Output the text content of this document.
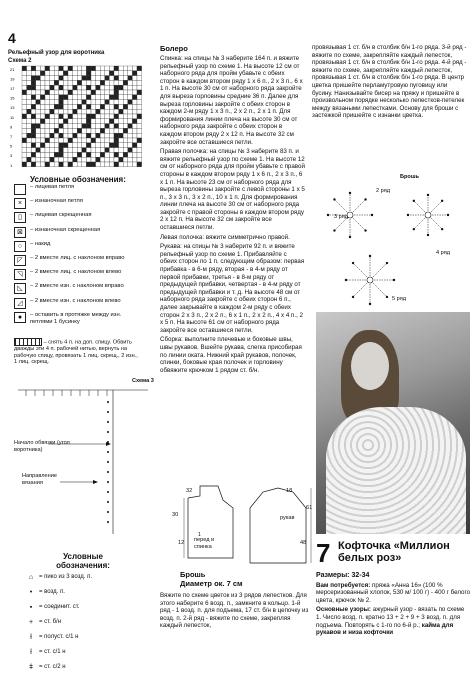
4
Рельефный узор для воротника
Схема 2
21
19
17
15
13
11
9
7
5
3
1
Условные обозначения:
– лицевая петля
×	– изнаночная петля
▯	– лицевая скрещенная
⊠	– изнаночная скрещенная
○	– накид
◸	– 2 вместе лиц. с наклоном вправо
◹	– 2 вместе лиц. с наклоном влево
◺	– 2 вместе изн. с наклоном вправо
◿	– 2 вместе изн. с наклоном влево
●	– оставить в протяжке между изн. петлями 1 бусинку
– снять 4 п. на доп. спицу. Обвить дважды эти 4 п. рабочей нитью, вернуть на рабочую спицу, провязать 1 лиц. скрещ., 2 изн., 1 лиц. скрещ.
Схема 3
Начало обвязки (угол воротника)
Направление вязания
Условные обозначения:
⌂ = пико из 3 возд. п.
•	= возд. п.
▪	= соединит. ст.
+ = ст. б/н
ł	= полуст. с/1 н
ƚ	= ст. с/1 н
ǂ = ст. с/2 н
Болеро

Спинка: на спицы № 3 наберите 164 п. и вяжите рельефный узор по схеме 1. На высоте 12 см от наборного ряда для пройм убавьте с обеих сторон в каждом втором ряду 1 х 6 п., 2 х 3 п., 6 х 1 п. На высоте 30 см от наборного ряда закройте для выреза горловины средние 36 п. Далее для выреза горловины закройте с обеих сторон в каждом 2-м ряду 1 х 3 п., 2 х 2 п., 2 х 1 п. Для формирования линии плеча на высоте 30 см от наборного ряда закройте с обеих сторон в каждом втором ряду 2 х 12 п. На высоте 32 см закройте все оставшиеся петли.

Правая полочка: на спицы № 3 наберите 83 п. и вяжите рельефный узор по схеме 1. На высоте 12 см от наборного ряда для пройм убавьте с правой стороны в каждом втором ряду 1 х 6 п., 2 х 3 п., 6 х 1 п. На высоте 23 см от наборного ряда для выреза горловины закройте с левой стороны 1 х 5 п., 3 х 3 п., 3 х 2 п., 10 х 1 п. Для формирования линии плеча на высоте 30 см от наборного ряда закройте с правой стороны в каждом втором ряду 2 х 12 п. На высоте 32 см закройте все оставшиеся петли.

Левая полочка: вяжите симметрично правой.

Рукава: на спицы № 3 наберите 92 п. и вяжите рельефный узор по схеме 1. Прибавляйте с обеих сторон по 1 п. следующим образом: первая прибавка - в 6-м ряду, вторая - в 4-м ряду от первой прибавки, третья - в 8-м ряду от предыдущей прибавки, четвертая - в 4-м ряду от предыдущей прибавки и т. д. На высоте 48 см от наборного ряда закройте с обеих сторон 6 п., далее закрывайте в каждом 2-м ряду с обеих сторон 2 х 3 п., 2 х 2 п., 6 х 1 п., 2 х 2 п., 4 х 4 п., 2 х 5 п. На высоте 61 см от наборного ряда закройте все оставшиеся петли.

Сборка: выполните плечевые и боковые швы, швы рукавов. Вшейте рукава, слегка присобирая по линии оката. Нижний край рукавов, полочек, спинки, боковые края полочек и горловину обвяжите крючком 1 рядом ст. б/н.

1
перед и спинка
рукав
12
30
32	18
48
61
Брошь
Диаметр ок. 7 см

Вяжите по схеме цветок из 3 рядов лепестков. Для этого наберите 6 возд. п., замкните в кольцо. 1-й ряд - 1 возд. п. для подъема, 17 ст. б/н в цепочку из возд. п. 2-й ряд - вяжите по схеме, закрепляя каждый лепесток,

провязывая 1 ст. б/н в столбик б/н 1-го ряда. 3-й ряд - вяжите по схеме, закрепляйте каждый лепесток, провязывая 1 ст. б/н в столбик б/н 1-го ряда. 4-й ряд - вяжите по схеме, закрепляйте каждый лепесток, провязывая 1 ст. б/н в столбик б/н 1-го ряда. В центр цветка пришейте перламутровую пуговицу или бусину. Нанизывайте бисер на пряжу и пришейте в произвольном порядке несколько лепестков-петелек между вязаными лепестками. Основу для броши с застежкой пришейте с изнанки цветка.

Брошь
2 ряд
3 ряд
4 ряд
5 ряд
7 Кофточка «Миллион белых роз»

Размеры: 32-34

Вам потребуется: пряжа «Анна 16» (100 % мерсеризованный хлопок, 530 м/ 100 г) - 400 г белого цвета, крючок № 2.

Основные узоры: ажурный узор - вязать по схеме 1. Число возд. п. кратно 13 + 2 + 9 + 3 возд. п. для подъема. Повторять с 1-го по 6-й р.; кайма для рукавов и низа кофточки
